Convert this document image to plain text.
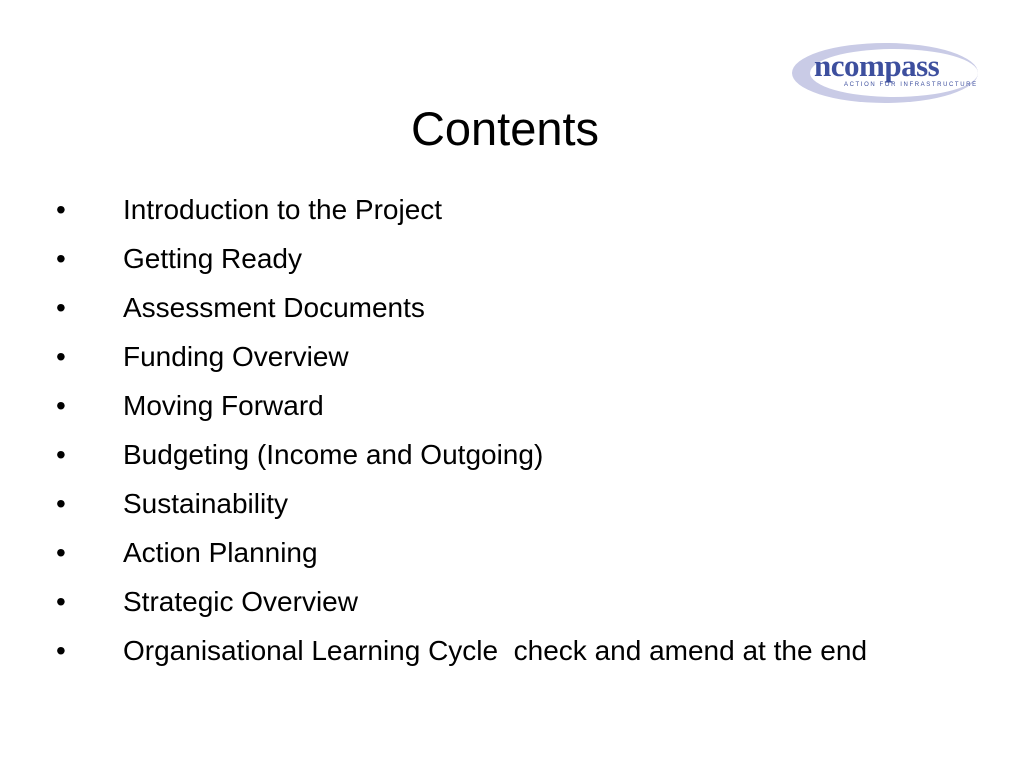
ncompass
ACTION FOR INFRASTRUCTURE
Contents
•	Introduction to the Project
•	Getting Ready
•	Assessment Documents
•	Funding Overview
•	Moving Forward
•	Budgeting (Income and Outgoing)
•	Sustainability
•	Action Planning
•	Strategic Overview
•	Organisational Learning Cycle  check and amend at the end
